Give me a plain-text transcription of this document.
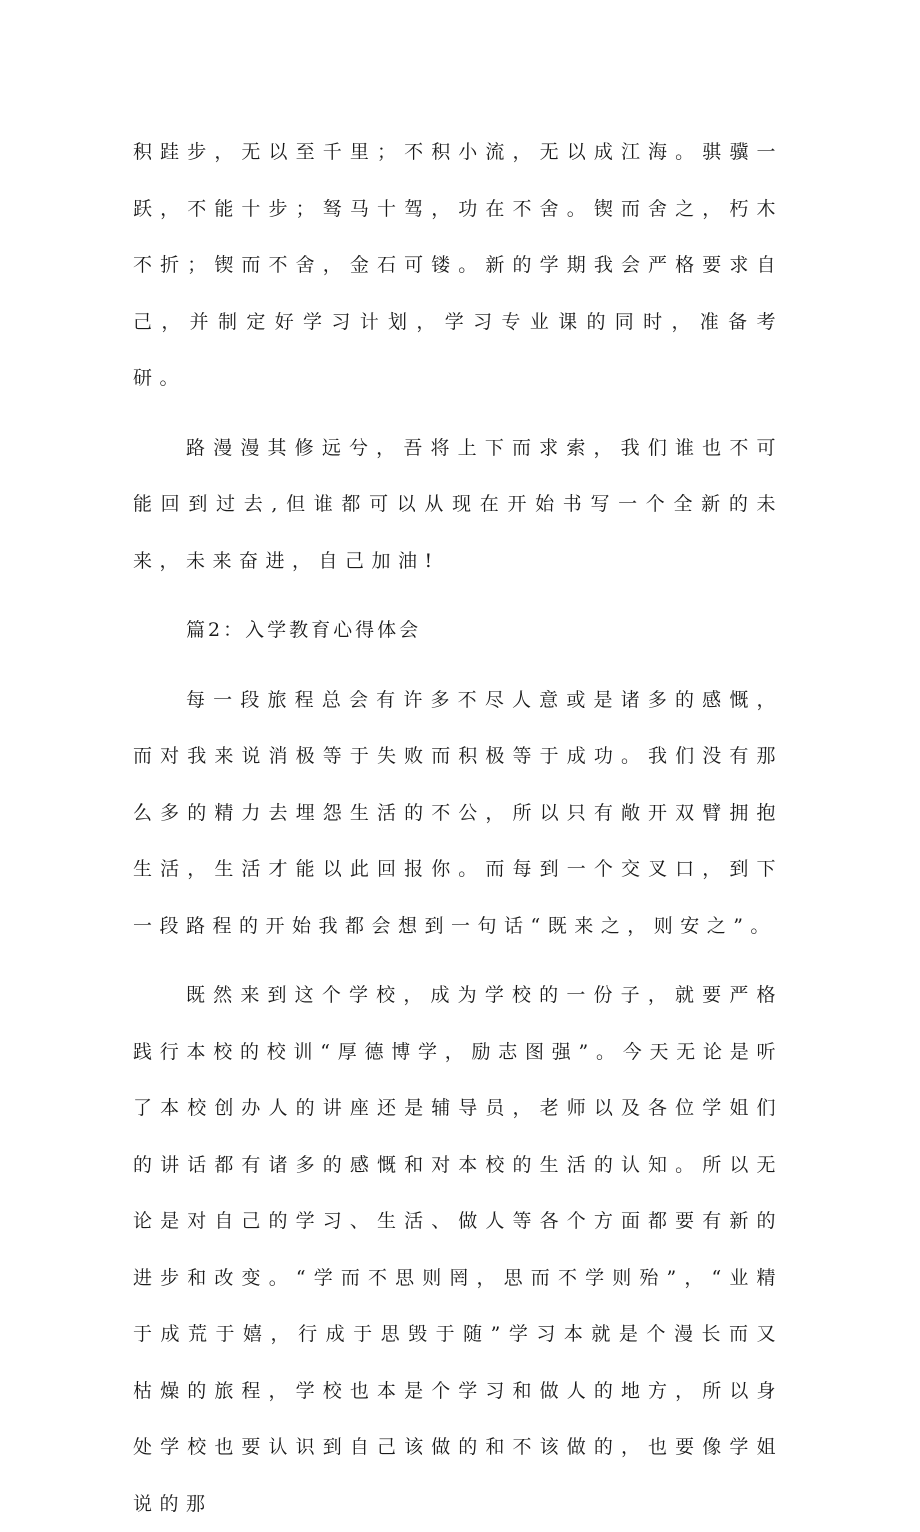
积跬步，无以至千里；不积小流，无以成江海。骐骥一跃，不能十步；驽马十驾，功在不舍。锲而舍之，朽木不折；锲而不舍，金石可镂。新的学期我会严格要求自己，并制定好学习计划，学习专业课的同时，准备考研。

路漫漫其修远兮，吾将上下而求索，我们谁也不可能回到过去,但谁都可以从现在开始书写一个全新的未来，未来奋进，自己加油!

篇2：入学教育心得体会

每一段旅程总会有许多不尽人意或是诸多的感慨，而对我来说消极等于失败而积极等于成功。我们没有那么多的精力去埋怨生活的不公，所以只有敞开双臂拥抱生活，生活才能以此回报你。而每到一个交叉口，到下一段路程的开始我都会想到一句话“既来之，则安之”。

既然来到这个学校，成为学校的一份子，就要严格践行本校的校训“厚德博学，励志图强”。今天无论是听了本校创办人的讲座还是辅导员，老师以及各位学姐们的讲话都有诸多的感慨和对本校的生活的认知。所以无论是对自己的学习、生活、做人等各个方面都要有新的进步和改变。“学而不思则罔，思而不学则殆”，“业精于成荒于嬉，行成于思毁于随”学习本就是个漫长而又枯燥的旅程，学校也本是个学习和做人的地方，所以身处学校也要认识到自己该做的和不该做的，也要像学姐说的那
